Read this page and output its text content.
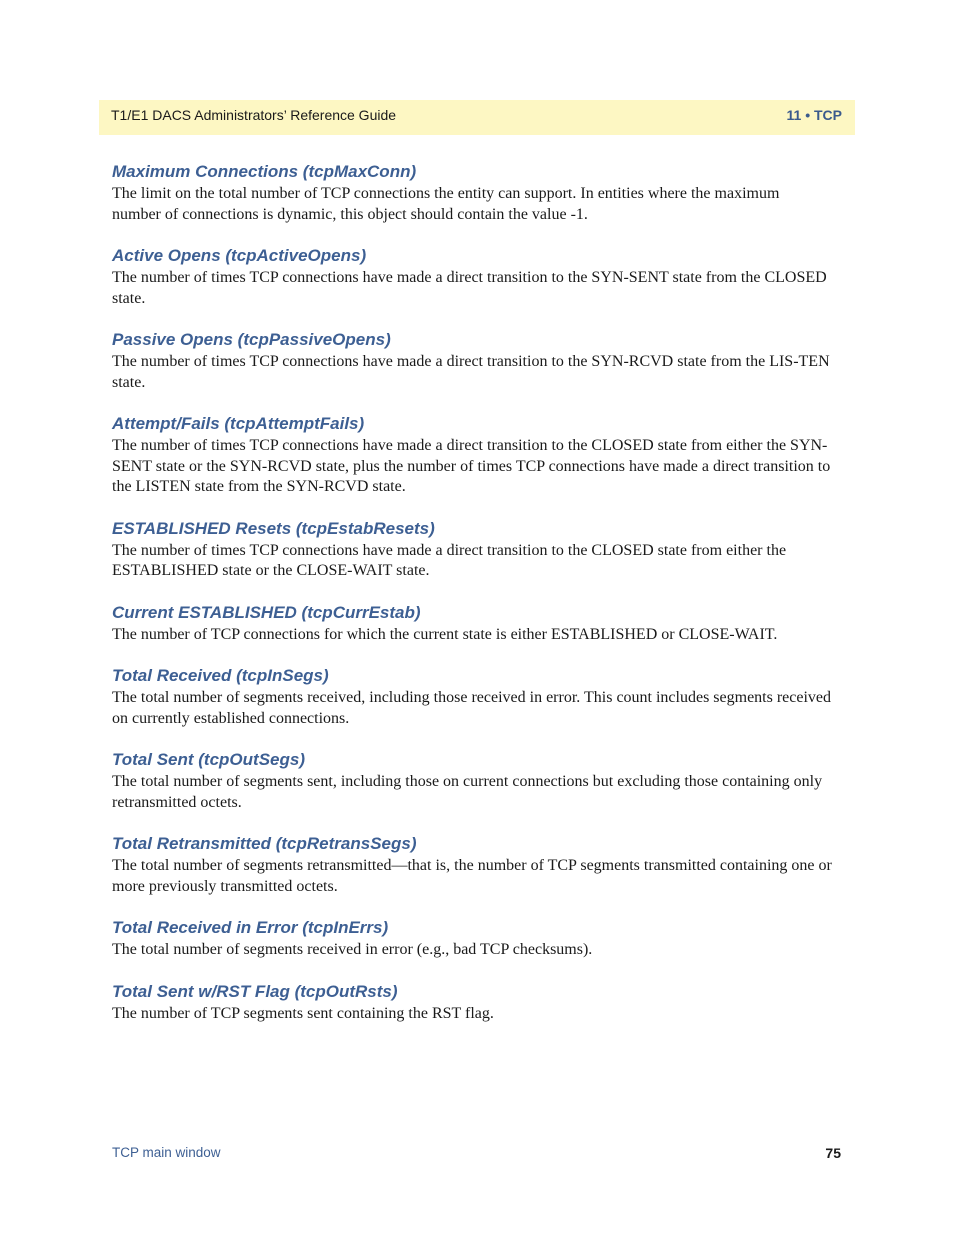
T1/E1 DACS Administrators’ Reference Guide	11 • TCP
Maximum Connections (tcpMaxConn)

The limit on the total number of TCP connections the entity can support. In entities where the maximum number of connections is dynamic, this object should contain the value -1.

Active Opens (tcpActiveOpens)

The number of times TCP connections have made a direct transition to the SYN-SENT state from the CLOSED state.

Passive Opens (tcpPassiveOpens)

The number of times TCP connections have made a direct transition to the SYN-RCVD state from the LIS-TEN state.

Attempt/Fails (tcpAttemptFails)

The number of times TCP connections have made a direct transition to the CLOSED state from either the SYN-SENT state or the SYN-RCVD state, plus the number of times TCP connections have made a direct transition to the LISTEN state from the SYN-RCVD state.

ESTABLISHED Resets (tcpEstabResets)

The number of times TCP connections have made a direct transition to the CLOSED state from either the ESTABLISHED state or the CLOSE-WAIT state.

Current ESTABLISHED (tcpCurrEstab)

The number of TCP connections for which the current state is either ESTABLISHED or CLOSE-WAIT.

Total Received (tcpInSegs)

The total number of segments received, including those received in error. This count includes segments received on currently established connections.

Total Sent (tcpOutSegs)

The total number of segments sent, including those on current connections but excluding those containing only retransmitted octets.

Total Retransmitted (tcpRetransSegs)

The total number of segments retransmitted—that is, the number of TCP segments transmitted containing one or more previously transmitted octets.

Total Received in Error (tcpInErrs)

The total number of segments received in error (e.g., bad TCP checksums).

Total Sent w/RST Flag (tcpOutRsts)

The number of TCP segments sent containing the RST flag.

TCP main window	75
